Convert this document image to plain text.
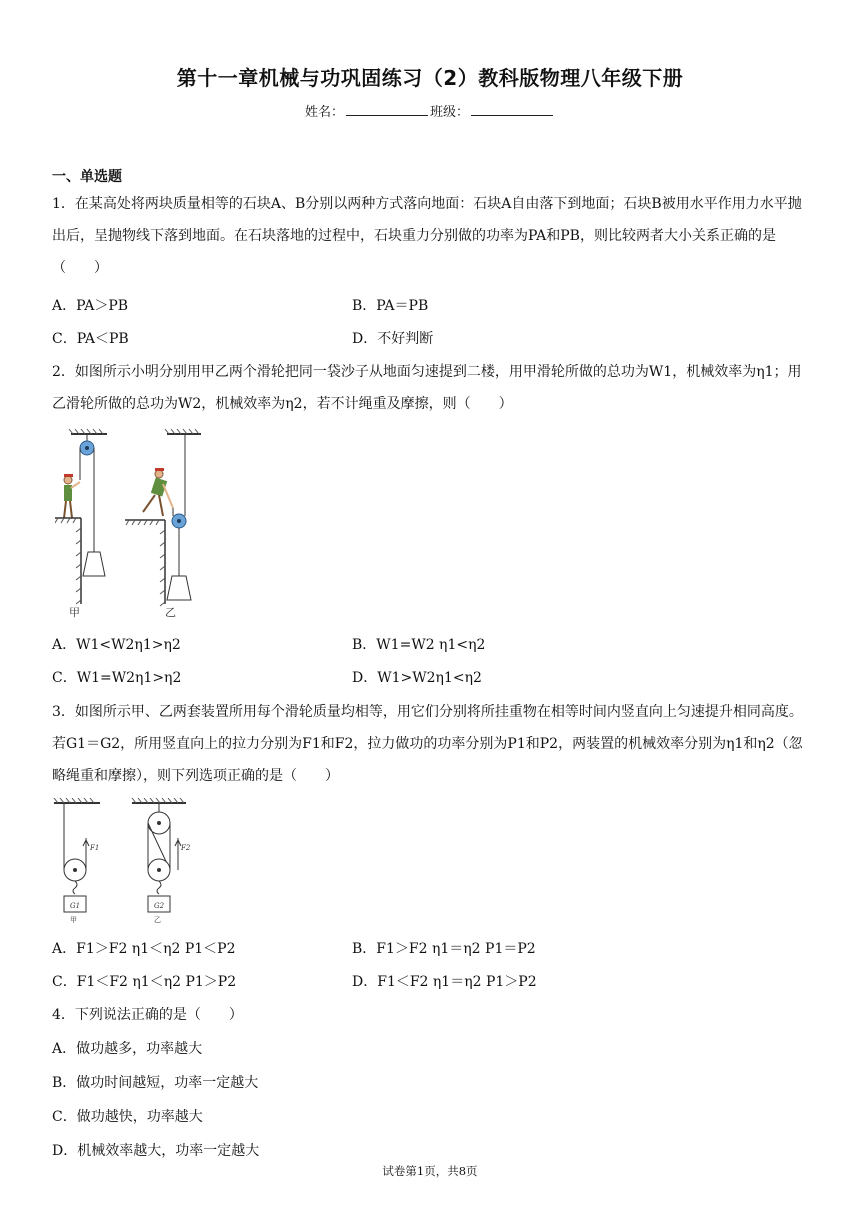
第十一章机械与功巩固练习（2）教科版物理八年级下册
姓名：	班级：
一、单选题
1．在某高处将两块质量相等的石块A、B分别以两种方式落向地面：石块A自由落下到地面；石块B被用水平作用力水平抛出后，呈抛物线下落到地面。在石块落地的过程中，石块重力分别做的功率为PA和PB，则比较两者大小关系正确的是（　　）
A．PA＞PB	B．PA＝PB
C．PA＜PB	D．不好判断
2．如图所示小明分别用甲乙两个滑轮把同一袋沙子从地面匀速提到二楼，用甲滑轮所做的总功为W1，机械效率为η1；用乙滑轮所做的总功为W2，机械效率为η2，若不计绳重及摩擦，则（　　）
甲	乙
A．W1<W2η1>η2	B．W1=W2 η1<η2
C．W1=W2η1>η2	D．W1>W2η1<η2
3．如图所示甲、乙两套装置所用每个滑轮质量均相等，用它们分别将所挂重物在相等时间内竖直向上匀速提升相同高度。若G1＝G2，所用竖直向上的拉力分别为F1和F2，拉力做功的功率分别为P1和P2，两装置的机械效率分别为η1和η2（忽略绳重和摩擦），则下列选项正确的是（　　）
F1
G1
甲
F2
G2
乙
A．F1＞F2 η1＜η2 P1＜P2	B．F1＞F2 η1＝η2 P1＝P2
C．F1＜F2 η1＜η2 P1＞P2	D．F1＜F2 η1＝η2 P1＞P2
4．下列说法正确的是（　　）
A．做功越多，功率越大
B．做功时间越短，功率一定越大
C．做功越快，功率越大
D．机械效率越大，功率一定越大
试卷第1页，共8页
